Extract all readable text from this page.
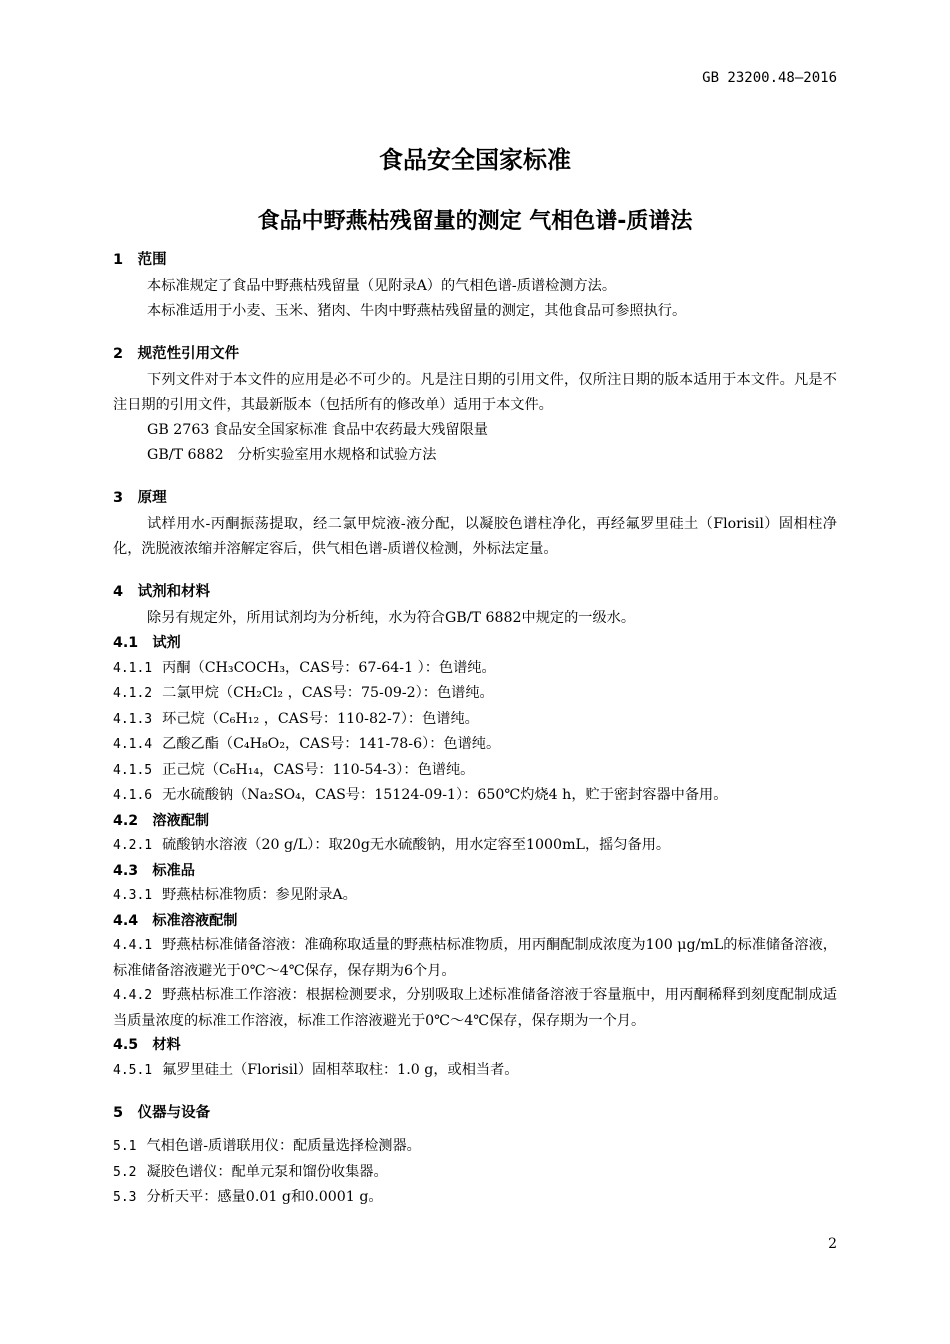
GB 23200.48—2016
食品安全国家标准
食品中野燕枯残留量的测定 气相色谱-质谱法

1　范围

本标准规定了食品中野燕枯残留量（见附录A）的气相色谱-质谱检测方法。

本标准适用于小麦、玉米、猪肉、牛肉中野燕枯残留量的测定，其他食品可参照执行。

2　规范性引用文件

下列文件对于本文件的应用是必不可少的。凡是注日期的引用文件，仅所注日期的版本适用于本文件。凡是不注日期的引用文件，其最新版本（包括所有的修改单）适用于本文件。

GB 2763 食品安全国家标准 食品中农药最大残留限量

GB/T 6882　分析实验室用水规格和试验方法

3　原理

试样用水-丙酮振荡提取，经二氯甲烷液-液分配，以凝胶色谱柱净化，再经氟罗里硅土（Florisil）固相柱净化，洗脱液浓缩并溶解定容后，供气相色谱-质谱仪检测，外标法定量。

4　试剂和材料

除另有规定外，所用试剂均为分析纯，水为符合GB/T 6882中规定的一级水。

4.1　试剂

4.1.1 丙酮（CH₃COCH₃，CAS号：67-64-1 ）：色谱纯。

4.1.2 二氯甲烷（CH₂Cl₂ ，CAS号：75-09-2）：色谱纯。

4.1.3 环己烷（C₆H₁₂ ，CAS号：110-82-7）：色谱纯。

4.1.4 乙酸乙酯（C₄H₈O₂，CAS号：141-78-6）：色谱纯。

4.1.5 正己烷（C₆H₁₄，CAS号：110-54-3）：色谱纯。

4.1.6 无水硫酸钠（Na₂SO₄，CAS号：15124-09-1）：650℃灼烧4 h，贮于密封容器中备用。

4.2　溶液配制

4.2.1 硫酸钠水溶液（20 g/L）：取20g无水硫酸钠，用水定容至1000mL，摇匀备用。

4.3　标准品

4.3.1 野燕枯标准物质：参见附录A。

4.4　标准溶液配制

4.4.1 野燕枯标准储备溶液：准确称取适量的野燕枯标准物质，用丙酮配制成浓度为100 μg/mL的标准储备溶液，标准储备溶液避光于0℃～4℃保存，保存期为6个月。

4.4.2 野燕枯标准工作溶液：根据检测要求，分别吸取上述标准储备溶液于容量瓶中，用丙酮稀释到刻度配制成适当质量浓度的标准工作溶液，标准工作溶液避光于0℃～4℃保存，保存期为一个月。

4.5　材料

4.5.1 氟罗里硅土（Florisil）固相萃取柱：1.0 g，或相当者。

5　仪器与设备

5.1 气相色谱-质谱联用仪：配质量选择检测器。

5.2 凝胶色谱仪：配单元泵和馏份收集器。

5.3 分析天平：感量0.01 g和0.0001 g。

2
